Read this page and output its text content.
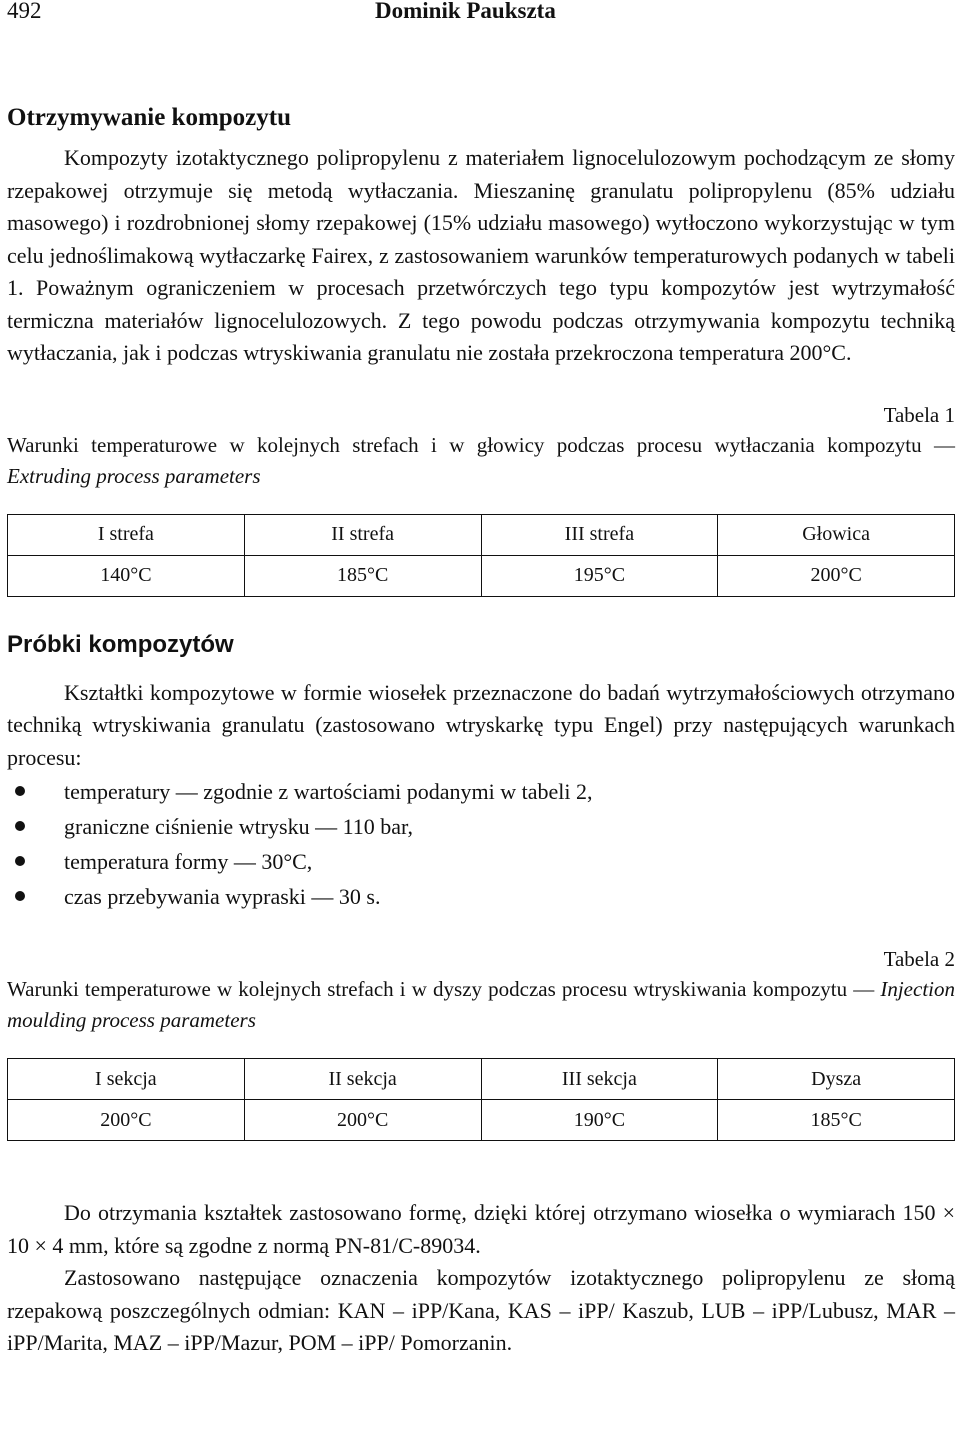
492	Dominik Paukszta
Otrzymywanie kompozytu

Kompozyty izotaktycznego polipropylenu z materiałem lignocelulozowym pochodzącym ze słomy rzepakowej otrzymuje się metodą wytłaczania. Mieszaninę granulatu polipropylenu (85% udziału masowego) i rozdrobnionej słomy rzepakowej (15% udziału masowego) wytłoczono wykorzystując w tym celu jednoślimakową wytłaczarkę Fairex, z zastosowaniem warunków temperaturowych podanych w tabeli 1. Poważnym ograniczeniem w procesach przetwórczych tego typu kompozytów jest wytrzymałość termiczna materiałów lignocelulozowych. Z tego powodu podczas otrzymywania kompozytu techniką wytłaczania, jak i podczas wtryskiwania granulatu nie została przekroczona temperatura 200°C.

Tabela 1
Warunki temperaturowe w kolejnych strefach i w głowicy podczas procesu wytłaczania kompozytu — Extruding process parameters
I strefa	II strefa	III strefa	Głowica
140°C	185°C	195°C	200°C
Próbki kompozytów

Kształtki kompozytowe w formie wiosełek przeznaczone do badań wytrzymałościowych otrzymano techniką wtryskiwania granulatu (zastosowano wtryskarkę typu Engel) przy następujących warunkach procesu:

temperatury — zgodnie z wartościami podanymi w tabeli 2,
graniczne ciśnienie wtrysku — 110 bar,
temperatura formy — 30°C,
czas przebywania wypraski — 30 s.
Tabela 2
Warunki temperaturowe w kolejnych strefach i w dyszy podczas procesu wtryskiwania kompozytu — Injection moulding process parameters
I sekcja	II sekcja	III sekcja	Dysza
200°C	200°C	190°C	185°C

Do otrzymania kształtek zastosowano formę, dzięki której otrzymano wiosełka o wymiarach 150 × 10 × 4 mm, które są zgodne z normą PN-81/C-89034.

Zastosowano następujące oznaczenia kompozytów izotaktycznego polipropylenu ze słomą rzepakową poszczególnych odmian: KAN – iPP/Kana, KAS – iPP/ Kaszub, LUB – iPP/Lubusz, MAR – iPP/Marita, MAZ – iPP/Mazur, POM – iPP/ Pomorzanin.
